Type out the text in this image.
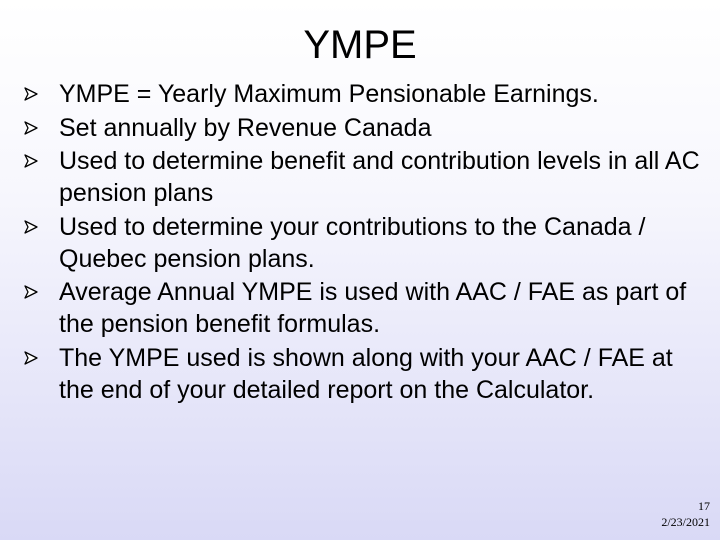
YMPE
YMPE = Yearly Maximum Pensionable Earnings.
Set annually by Revenue Canada
Used to determine benefit and contribution levels in all AC pension plans
Used to determine your contributions to the Canada / Quebec pension plans.
Average Annual YMPE is used with AAC / FAE as part of the pension benefit formulas.
The YMPE used is shown along with your AAC / FAE at the end of your detailed report on the Calculator.
17
2/23/2021
